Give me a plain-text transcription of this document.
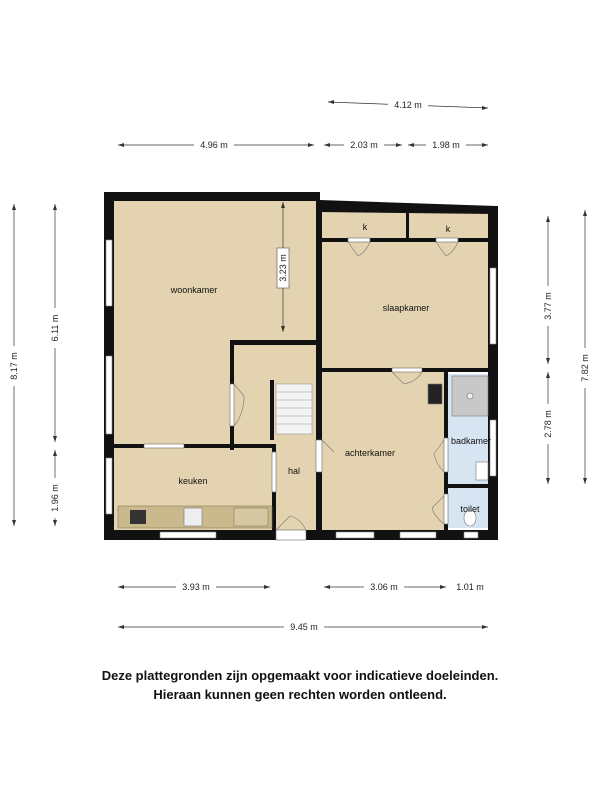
woonkamer
slaapkamer
keuken
hal
achterkamer
badkamer
toilet
k	k
4.12 m
4.96 m	2.03 m	1.98 m
3.93 m	3.06 m	1.01 m
9.45 m
8.17 m
6.11 m
1.96 m
3.77 m
2.78 m
7.82 m
3.23 m
Deze plattegronden zijn opgemaakt voor indicatieve doeleinden.
Hieraan kunnen geen rechten worden ontleend.
